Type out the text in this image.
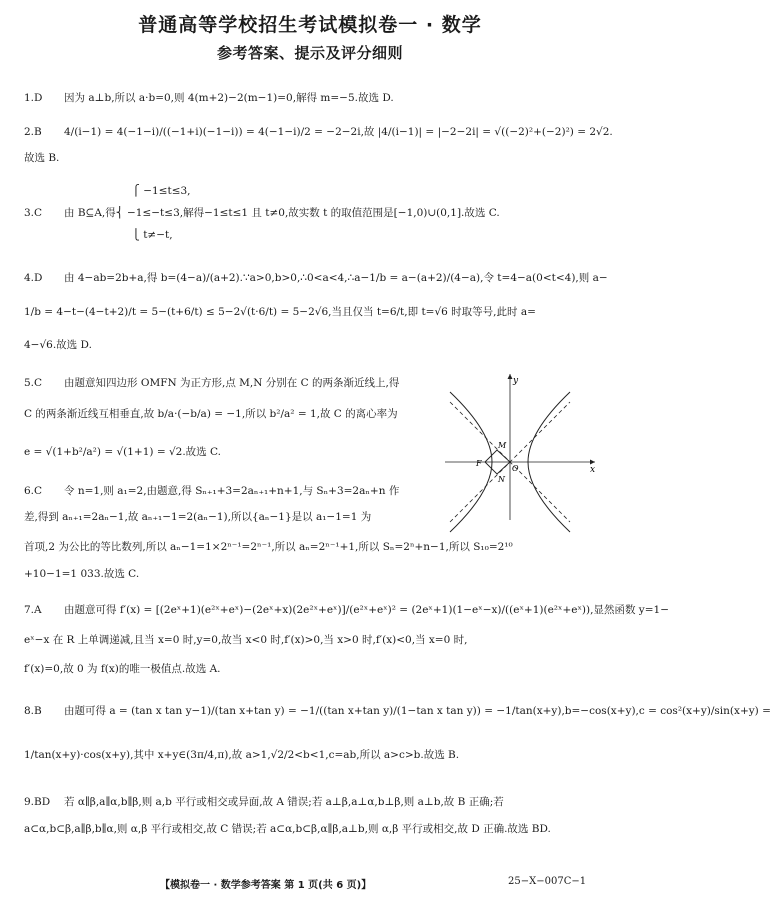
普通高等学校招生考试模拟卷一 · 数学
参考答案、提示及评分细则
1.D 因为 a⊥b,所以 a·b=0,则 4(m+2)−2(m−1)=0,解得 m=−5.故选 D.
2.B 4/(i−1) = 4(−1−i)/((−1+i)(−1−i)) = 4(−1−i)/2 = −2−2i,故 |4/(i−1)| = |−2−2i| = √((−2)²+(−2)²) = 2√2.
故选 B.
⎧ −1≤t≤3,
3.C 由 B⊆A,得⎨ −1≤−t≤3,解得−1≤t≤1 且 t≠0,故实数 t 的取值范围是[−1,0)∪(0,1].故选 C.
⎩ t≠−t,
4.D 由 4−ab=2b+a,得 b=(4−a)/(a+2).∵a>0,b>0,∴0<a<4,∴a−1/b = a−(a+2)/(4−a),令 t=4−a(0<t<4),则 a−
1/b = 4−t−(4−t+2)/t = 5−(t+6/t) ≤ 5−2√(t·6/t) = 5−2√6,当且仅当 t=6/t,即 t=√6 时取等号,此时 a=
4−√6.故选 D.
5.C 由题意知四边形 OMFN 为正方形,点 M,N 分别在 C 的两条渐近线上,得
C 的两条渐近线互相垂直,故 b/a·(−b/a) = −1,所以 b²/a² = 1,故 C 的离心率为
e = √(1+b²/a²) = √(1+1) = √2.故选 C.
y
x
M
N
F
O
6.C 令 n=1,则 a₁=2,由题意,得 Sₙ₊₁+3=2aₙ₊₁+n+1,与 Sₙ+3=2aₙ+n 作
差,得到 aₙ₊₁=2aₙ−1,故 aₙ₊₁−1=2(aₙ−1),所以{aₙ−1}是以 a₁−1=1 为
首项,2 为公比的等比数列,所以 aₙ−1=1×2ⁿ⁻¹=2ⁿ⁻¹,所以 aₙ=2ⁿ⁻¹+1,所以 Sₙ=2ⁿ+n−1,所以 S₁₀=2¹⁰
+10−1=1 033.故选 C.
7.A 由题意可得 f′(x) = [(2eˣ+1)(e²ˣ+eˣ)−(2eˣ+x)(2e²ˣ+eˣ)]/(e²ˣ+eˣ)² = (2eˣ+1)(1−eˣ−x)/((eˣ+1)(e²ˣ+eˣ)),显然函数 y=1−
eˣ−x 在 R 上单调递减,且当 x=0 时,y=0,故当 x<0 时,f′(x)>0,当 x>0 时,f′(x)<0,当 x=0 时,
f′(x)=0,故 0 为 f(x)的唯一极值点.故选 A.
8.B 由题可得 a = (tan x tan y−1)/(tan x+tan y) = −1/((tan x+tan y)/(1−tan x tan y)) = −1/tan(x+y),b=−cos(x+y),c = cos²(x+y)/sin(x+y) =
1/tan(x+y)·cos(x+y),其中 x+y∈(3π/4,π),故 a>1,√2/2<b<1,c=ab,所以 a>c>b.故选 B.
9.BD 若 α∥β,a∥α,b∥β,则 a,b 平行或相交或异面,故 A 错误;若 a⊥β,a⊥α,b⊥β,则 a⊥b,故 B 正确;若 a⊂α,b⊂β,a∥β,b∥α,则 α,β 平行或相交,故 C 错误;若 a⊂α,b⊂β,α∥β,a⊥b,则 α,β 平行或相交,故 D 正确.故选 BD.
【模拟卷一 · 数学参考答案 第 1 页(共 6 页)】	25−X−007C−1
